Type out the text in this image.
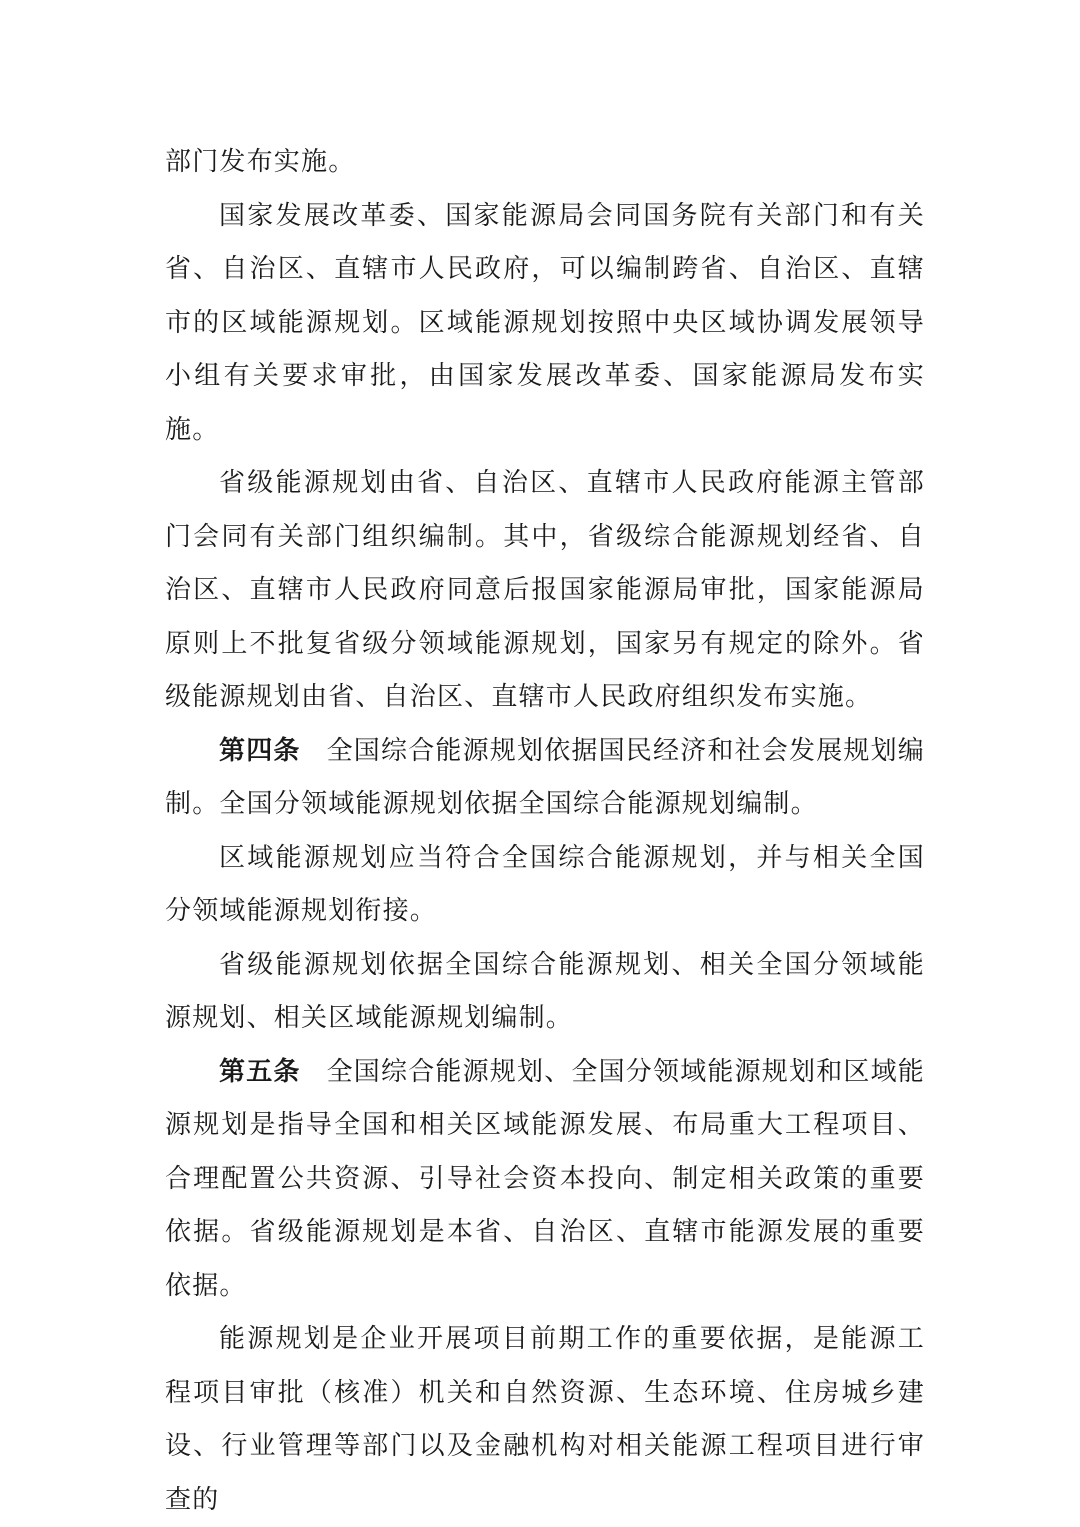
部门发布实施。

国家发展改革委、国家能源局会同国务院有关部门和有关省、自治区、直辖市人民政府，可以编制跨省、自治区、直辖市的区域能源规划。区域能源规划按照中央区域协调发展领导小组有关要求审批，由国家发展改革委、国家能源局发布实施。

省级能源规划由省、自治区、直辖市人民政府能源主管部门会同有关部门组织编制。其中，省级综合能源规划经省、自治区、直辖市人民政府同意后报国家能源局审批，国家能源局原则上不批复省级分领域能源规划，国家另有规定的除外。省级能源规划由省、自治区、直辖市人民政府组织发布实施。

第四条 全国综合能源规划依据国民经济和社会发展规划编制。全国分领域能源规划依据全国综合能源规划编制。

区域能源规划应当符合全国综合能源规划，并与相关全国分领域能源规划衔接。

省级能源规划依据全国综合能源规划、相关全国分领域能源规划、相关区域能源规划编制。

第五条 全国综合能源规划、全国分领域能源规划和区域能源规划是指导全国和相关区域能源发展、布局重大工程项目、合理配置公共资源、引导社会资本投向、制定相关政策的重要依据。省级能源规划是本省、自治区、直辖市能源发展的重要依据。

能源规划是企业开展项目前期工作的重要依据，是能源工程项目审批（核准）机关和自然资源、生态环境、住房城乡建设、行业管理等部门以及金融机构对相关能源工程项目进行审查的
